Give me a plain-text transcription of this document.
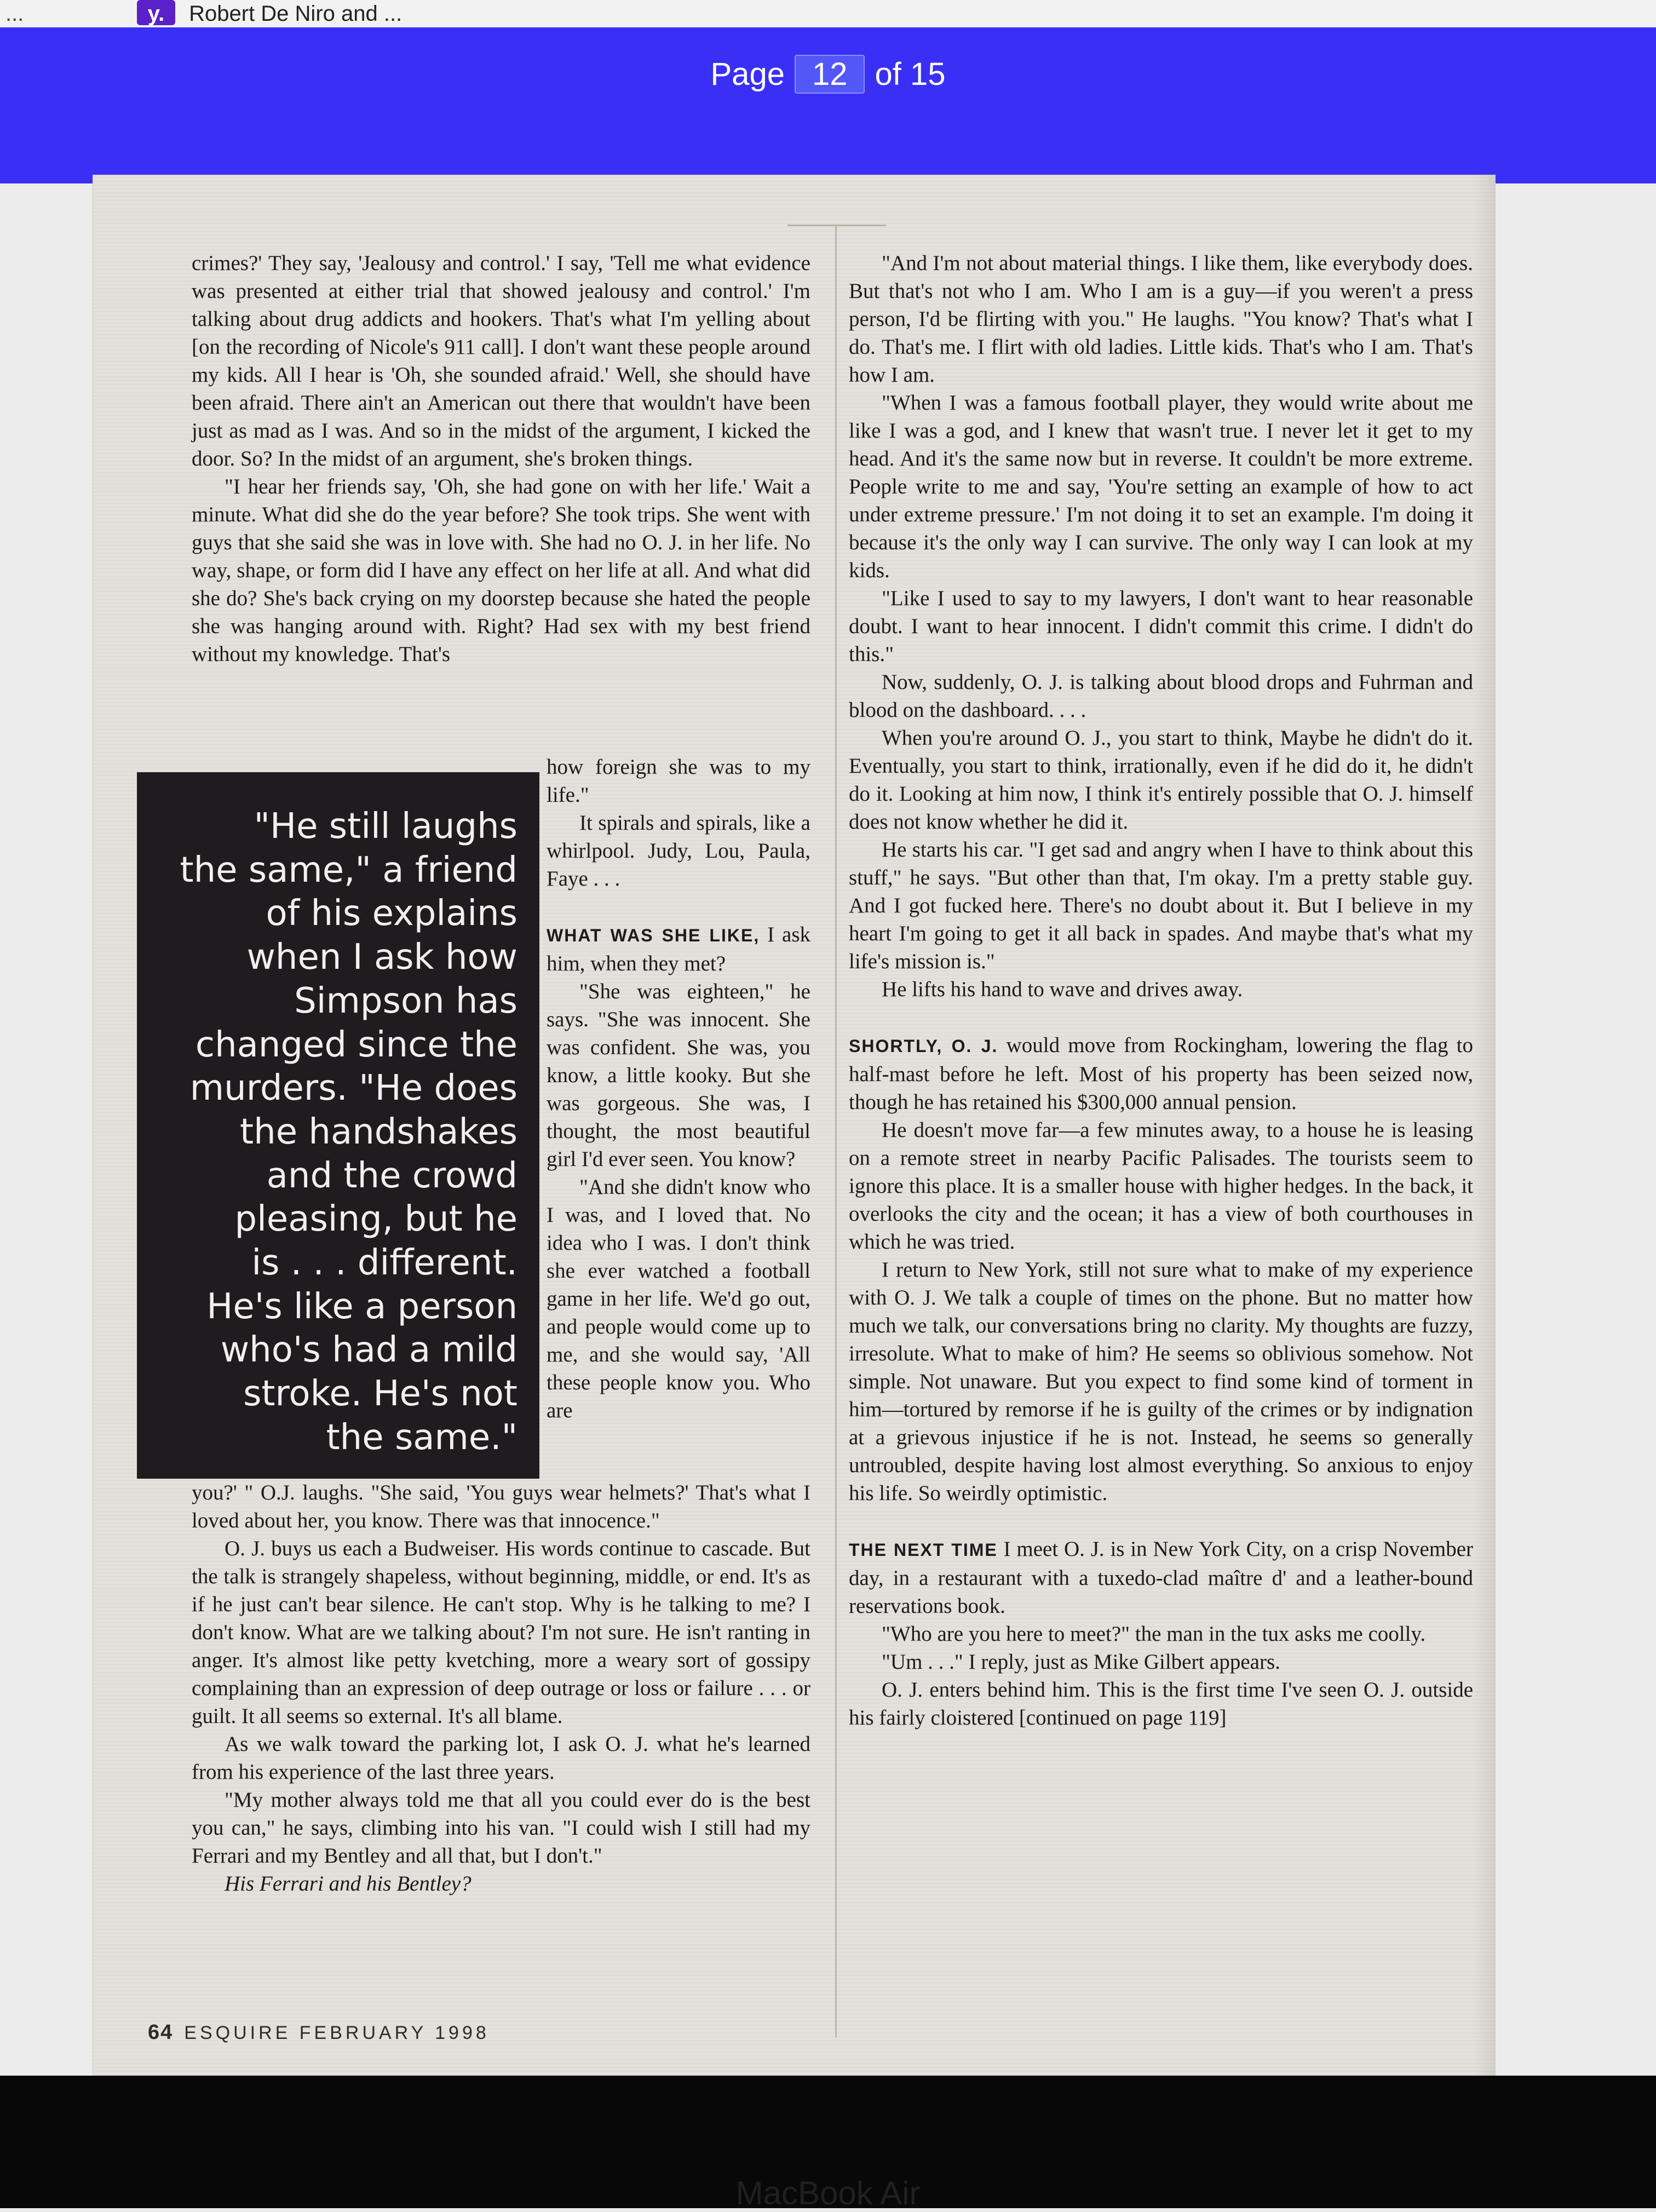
...	y. Robert De Niro and ...
Page 12 of 15

crimes?' They say, 'Jealousy and control.' I say, 'Tell me what evidence was presented at either trial that showed jealousy and control.' I'm talking about drug addicts and hookers. That's what I'm yelling about [on the recording of Nicole's 911 call]. I don't want these people around my kids. All I hear is 'Oh, she sounded afraid.' Well, she should have been afraid. There ain't an American out there that wouldn't have been just as mad as I was. And so in the midst of the argument, I kicked the door. So? In the midst of an argument, she's broken things.

"I hear her friends say, 'Oh, she had gone on with her life.' Wait a minute. What did she do the year before? She took trips. She went with guys that she said she was in love with. She had no O. J. in her life. No way, shape, or form did I have any effect on her life at all. And what did she do? She's back crying on my doorstep because she hated the people she was hanging around with. Right? Had sex with my best friend without my knowledge. That's

how foreign she was to my life."

It spirals and spirals, like a whirlpool. Judy, Lou, Paula, Faye . . .

WHAT WAS SHE LIKE, I ask him, when they met?

"She was eighteen," he says. "She was innocent. She was confident. She was, you know, a little kooky. But she was gorgeous. She was, I thought, the most beautiful girl I'd ever seen. You know?

"And she didn't know who I was, and I loved that. No idea who I was. I don't think she ever watched a football game in her life. We'd go out, and people would come up to me, and she would say, 'All these people know you. Who are

"He still laughs
the same," a friend
of his explains
when I ask how
Simpson has
changed since the
murders. "He does
the handshakes
and the crowd
pleasing, but he
is . . . different.
He's like a person
who's had a mild
stroke. He's not
the same."

you?' " O.J. laughs. "She said, 'You guys wear helmets?' That's what I loved about her, you know. There was that innocence."

O. J. buys us each a Budweiser. His words continue to cascade. But the talk is strangely shapeless, without beginning, middle, or end. It's as if he just can't bear silence. He can't stop. Why is he talking to me? I don't know. What are we talking about? I'm not sure. He isn't ranting in anger. It's almost like petty kvetching, more a weary sort of gossipy complaining than an expression of deep outrage or loss or failure . . . or guilt. It all seems so external. It's all blame.

As we walk toward the parking lot, I ask O. J. what he's learned from his experience of the last three years.

"My mother always told me that all you could ever do is the best you can," he says, climbing into his van. "I could wish I still had my Ferrari and my Bentley and all that, but I don't."

His Ferrari and his Bentley?

"And I'm not about material things. I like them, like everybody does. But that's not who I am. Who I am is a guy—if you weren't a press person, I'd be flirting with you." He laughs. "You know? That's what I do. That's me. I flirt with old ladies. Little kids. That's who I am. That's how I am.

"When I was a famous football player, they would write about me like I was a god, and I knew that wasn't true. I never let it get to my head. And it's the same now but in reverse. It couldn't be more extreme. People write to me and say, 'You're setting an example of how to act under extreme pressure.' I'm not doing it to set an example. I'm doing it because it's the only way I can survive. The only way I can look at my kids.

"Like I used to say to my lawyers, I don't want to hear reasonable doubt. I want to hear innocent. I didn't commit this crime. I didn't do this."

Now, suddenly, O. J. is talking about blood drops and Fuhrman and blood on the dashboard. . . .

When you're around O. J., you start to think, Maybe he didn't do it. Eventually, you start to think, irrationally, even if he did do it, he didn't do it. Looking at him now, I think it's entirely possible that O. J. himself does not know whether he did it.

He starts his car. "I get sad and angry when I have to think about this stuff," he says. "But other than that, I'm okay. I'm a pretty stable guy. And I got fucked here. There's no doubt about it. But I believe in my heart I'm going to get it all back in spades. And maybe that's what my life's mission is."

He lifts his hand to wave and drives away.

SHORTLY, O. J. would move from Rockingham, lowering the flag to half-mast before he left. Most of his property has been seized now, though he has retained his $300,000 annual pension.

He doesn't move far—a few minutes away, to a house he is leasing on a remote street in nearby Pacific Palisades. The tourists seem to ignore this place. It is a smaller house with higher hedges. In the back, it overlooks the city and the ocean; it has a view of both courthouses in which he was tried.

I return to New York, still not sure what to make of my experience with O. J. We talk a couple of times on the phone. But no matter how much we talk, our conversations bring no clarity. My thoughts are fuzzy, irresolute. What to make of him? He seems so oblivious somehow. Not simple. Not unaware. But you expect to find some kind of torment in him—tortured by remorse if he is guilty of the crimes or by indignation at a grievous injustice if he is not. Instead, he seems so generally untroubled, despite having lost almost everything. So anxious to enjoy his life. So weirdly optimistic.

THE NEXT TIME I meet O. J. is in New York City, on a crisp November day, in a restaurant with a tuxedo-clad maître d' and a leather-bound reservations book.

"Who are you here to meet?" the man in the tux asks me coolly.

"Um . . ." I reply, just as Mike Gilbert appears.

O. J. enters behind him. This is the first time I've seen O. J. outside his fairly cloistered [continued on page 119]

64 ESQUIRE FEBRUARY 1998
MacBook Air
